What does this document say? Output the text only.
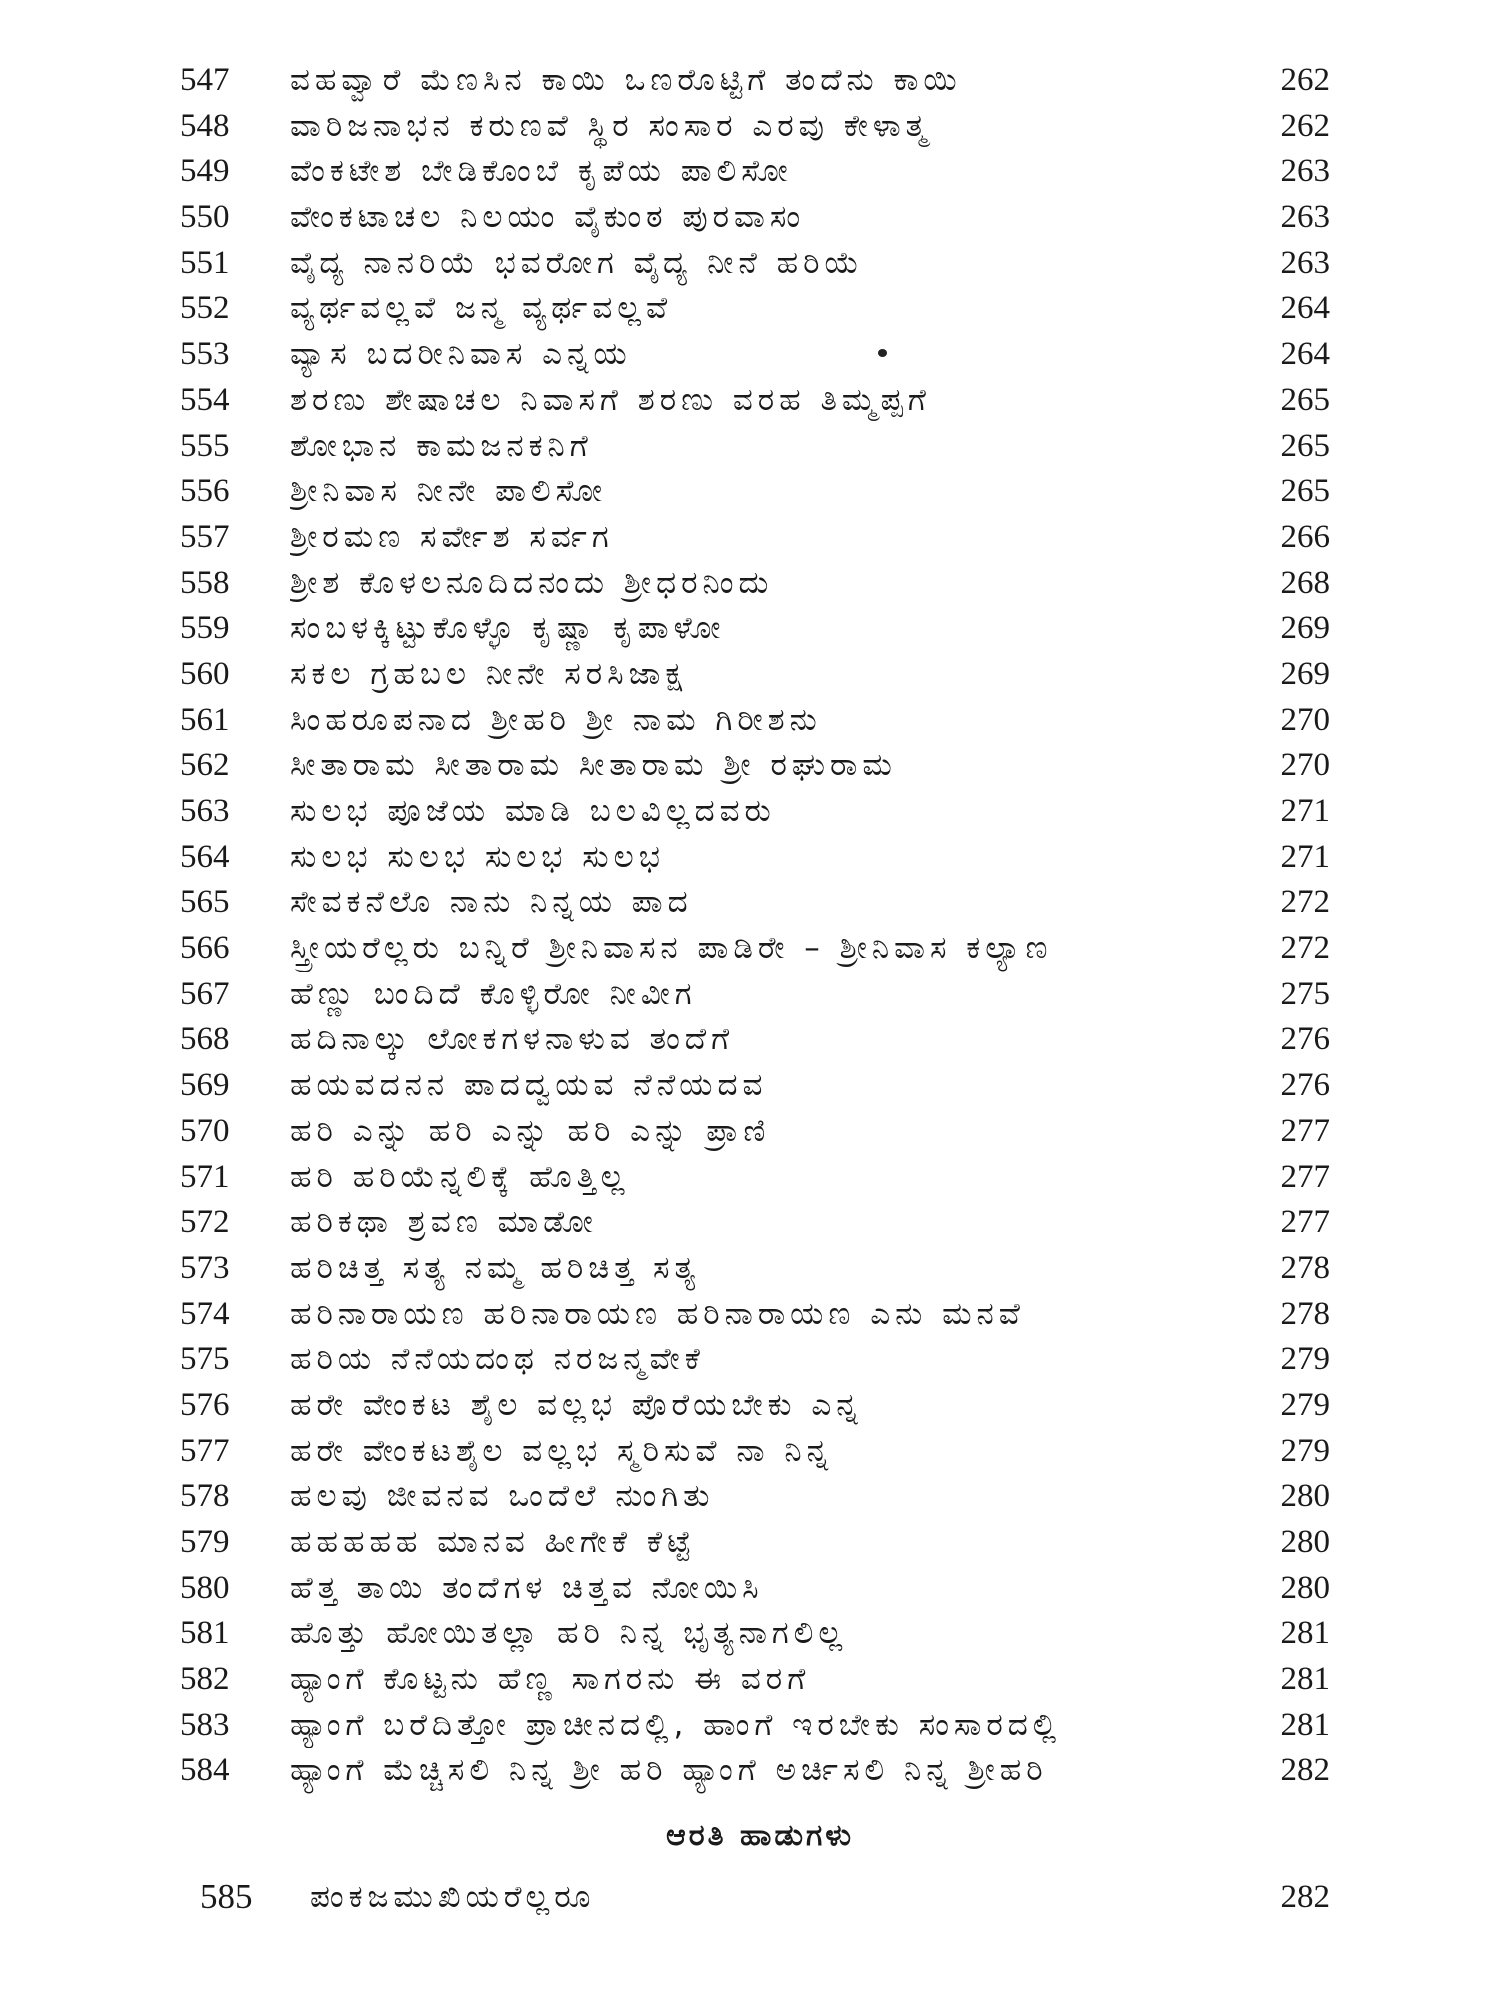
547	ವಹವ್ವಾರೆ ಮೆಣಸಿನ ಕಾಯಿ ಒಣರೊಟ್ಟಿಗೆ ತಂದೆನು ಕಾಯಿ	262
548	ವಾರಿಜನಾಭನ ಕರುಣವೆ ಸ್ಥಿರ ಸಂಸಾರ ಎರವು ಕೇಳಾತ್ಮ	262
549	ವೆಂಕಟೇಶ ಬೇಡಿಕೊಂಬೆ ಕೃಪೆಯ ಪಾಲಿಸೋ	263
550	ವೇಂಕಟಾಚಲ ನಿಲಯಂ ವೈಕುಂಠ ಪುರವಾಸಂ	263
551	ವೈದ್ಯ ನಾನರಿಯೆ ಭವರೋಗ ವೈದ್ಯ ನೀನೆ ಹರಿಯೆ	263
552	ವ್ಯರ್ಥವಲ್ಲವೆ ಜನ್ಮ ವ್ಯರ್ಥವಲ್ಲವೆ	264
553	ವ್ಯಾಸ ಬದರೀನಿವಾಸ ಎನ್ನಯ	264
554	ಶರಣು ಶೇಷಾಚಲ ನಿವಾಸಗೆ ಶರಣು ವರಹ ತಿಮ್ಮಪ್ಪಗೆ	265
555	ಶೋಭಾನ ಕಾಮಜನಕನಿಗೆ	265
556	ಶ್ರೀನಿವಾಸ ನೀನೇ ಪಾಲಿಸೋ	265
557	ಶ್ರೀರಮಣ ಸರ್ವೇಶ ಸರ್ವಗ	266
558	ಶ್ರೀಶ ಕೊಳಲನೂದಿದನಂದು ಶ್ರೀಧರನಿಂದು	268
559	ಸಂಬಳಕ್ಕಿಟ್ಟುಕೊಳ್ಳೊ ಕೃಷ್ಣಾ ಕೃಪಾಳೋ	269
560	ಸಕಲ ಗ್ರಹಬಲ ನೀನೇ ಸರಸಿಜಾಕ್ಷ	269
561	ಸಿಂಹರೂಪನಾದ ಶ್ರೀಹರಿ ಶ್ರೀ ನಾಮ ಗಿರೀಶನು	270
562	ಸೀತಾರಾಮ ಸೀತಾರಾಮ ಸೀತಾರಾಮ ಶ್ರೀ ರಘುರಾಮ	270
563	ಸುಲಭ ಪೂಜೆಯ ಮಾಡಿ ಬಲವಿಲ್ಲದವರು	271
564	ಸುಲಭ ಸುಲಭ ಸುಲಭ ಸುಲಭ	271
565	ಸೇವಕನೆಲೊ ನಾನು ನಿನ್ನಯ ಪಾದ	272
566	ಸ್ತ್ರೀಯರೆಲ್ಲರು ಬನ್ನಿರೆ ಶ್ರೀನಿವಾಸನ ಪಾಡಿರೇ – ಶ್ರೀನಿವಾಸ ಕಲ್ಯಾಣ	272
567	ಹೆಣ್ಣು ಬಂದಿದೆ ಕೊಳ್ಳಿರೋ ನೀವೀಗ	275
568	ಹದಿನಾಲ್ಕು ಲೋಕಗಳನಾಳುವ ತಂದೆಗೆ	276
569	ಹಯವದನನ ಪಾದದ್ವಯವ ನೆನೆಯದವ	276
570	ಹರಿ ಎನ್ನು ಹರಿ ಎನ್ನು ಹರಿ ಎನ್ನು ಪ್ರಾಣಿ	277
571	ಹರಿ ಹರಿಯೆನ್ನಲಿಕ್ಕೆ ಹೊತ್ತಿಲ್ಲ	277
572	ಹರಿಕಥಾ ಶ್ರವಣ ಮಾಡೋ	277
573	ಹರಿಚಿತ್ತ ಸತ್ಯ ನಮ್ಮ ಹರಿಚಿತ್ತ ಸತ್ಯ	278
574	ಹರಿನಾರಾಯಣ ಹರಿನಾರಾಯಣ ಹರಿನಾರಾಯಣ ಎನು ಮನವೆ	278
575	ಹರಿಯ ನೆನೆಯದಂಥ ನರಜನ್ಮವೇಕೆ	279
576	ಹರೇ ವೇಂಕಟ ಶೈಲ ವಲ್ಲಭ ಪೊರೆಯಬೇಕು ಎನ್ನ	279
577	ಹರೇ ವೇಂಕಟಶೈಲ ವಲ್ಲಭ ಸ್ಮರಿಸುವೆ ನಾ ನಿನ್ನ	279
578	ಹಲವು ಜೀವನವ ಒಂದೆಲೆ ನುಂಗಿತು	280
579	ಹಹಹಹಹ ಮಾನವ ಹೀಗೇಕೆ ಕೆಟ್ಟೆ	280
580	ಹೆತ್ತ ತಾಯಿ ತಂದೆಗಳ ಚಿತ್ತವ ನೋಯಿಸಿ	280
581	ಹೊತ್ತು ಹೋಯಿತಲ್ಲಾ ಹರಿ ನಿನ್ನ ಭೃತ್ಯನಾಗಲಿಲ್ಲ	281
582	ಹ್ಯಾಂಗೆ ಕೊಟ್ಟನು ಹೆಣ್ಣ ಸಾಗರನು ಈ ವರಗೆ	281
583	ಹ್ಯಾಂಗೆ ಬರೆದಿತ್ತೋ ಪ್ರಾಚೀನದಲ್ಲಿ, ಹಾಂಗೆ ಇರಬೇಕು ಸಂಸಾರದಲ್ಲಿ	281
584	ಹ್ಯಾಂಗೆ ಮೆಚ್ಚಿಸಲಿ ನಿನ್ನ ಶ್ರೀ ಹರಿ ಹ್ಯಾಂಗೆ ಅರ್ಚಿಸಲಿ ನಿನ್ನ ಶ್ರೀಹರಿ	282
ಆರತಿ ಹಾಡುಗಳು
585	ಪಂಕಜಮುಖಿಯರೆಲ್ಲರೂ	282
